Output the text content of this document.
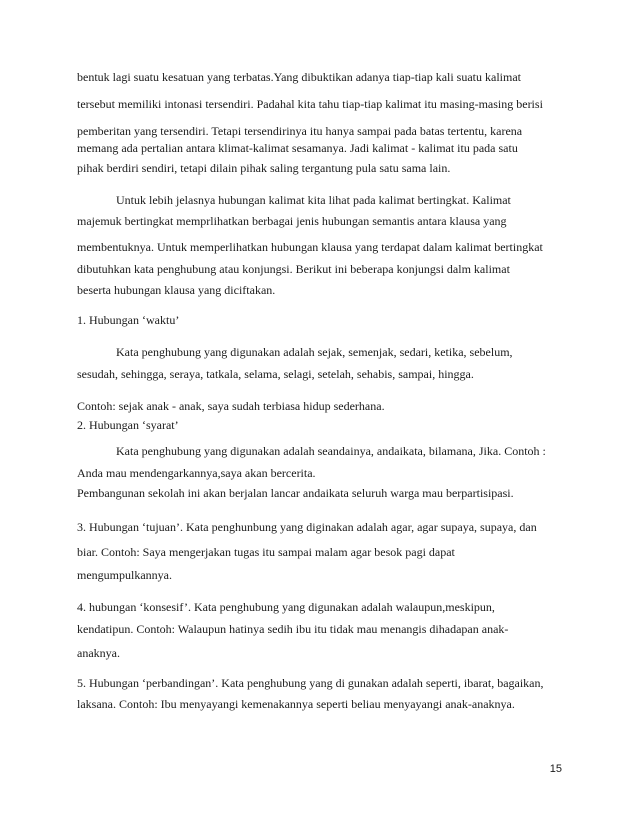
bentuk lagi suatu kesatuan yang terbatas.Yang dibuktikan adanya tiap-tiap kali suatu kalimat
tersebut memiliki intonasi tersendiri. Padahal kita tahu tiap-tiap kalimat itu masing-masing berisi
pemberitan yang tersendiri. Tetapi tersendirinya itu hanya sampai pada batas tertentu, karena
memang ada pertalian antara klimat-kalimat sesamanya. Jadi kalimat - kalimat itu pada satu
pihak berdiri sendiri, tetapi dilain pihak saling tergantung pula satu sama lain.
Untuk lebih jelasnya hubungan kalimat kita lihat pada kalimat bertingkat. Kalimat
majemuk bertingkat memprlihatkan berbagai jenis hubungan semantis antara klausa yang
membentuknya. Untuk memperlihatkan hubungan klausa yang terdapat dalam kalimat bertingkat
dibutuhkan kata penghubung atau konjungsi. Berikut ini beberapa konjungsi dalm kalimat
beserta hubungan klausa yang diciftakan.
1. Hubungan ‘waktu’
Kata penghubung yang digunakan adalah sejak, semenjak, sedari, ketika, sebelum,
sesudah, sehingga, seraya, tatkala, selama, selagi, setelah, sehabis, sampai, hingga.
Contoh: sejak anak - anak, saya sudah terbiasa hidup sederhana.
2. Hubungan ‘syarat’
Kata penghubung yang digunakan adalah seandainya, andaikata, bilamana, Jika. Contoh :
Anda mau mendengarkannya,saya akan bercerita.
Pembangunan sekolah ini akan berjalan lancar andaikata seluruh warga mau berpartisipasi.
3. Hubungan ‘tujuan’. Kata penghunbung yang diginakan adalah agar, agar supaya, supaya, dan
biar. Contoh: Saya mengerjakan tugas itu sampai malam agar besok pagi dapat
mengumpulkannya.
4. hubungan ‘konsesif’. Kata penghubung yang digunakan adalah walaupun,meskipun,
kendatipun. Contoh: Walaupun hatinya sedih ibu itu tidak mau menangis dihadapan anak-
anaknya.
5. Hubungan ‘perbandingan’. Kata penghubung yang di gunakan adalah seperti, ibarat, bagaikan,
laksana. Contoh: Ibu menyayangi kemenakannya seperti beliau menyayangi anak-anaknya.
15
